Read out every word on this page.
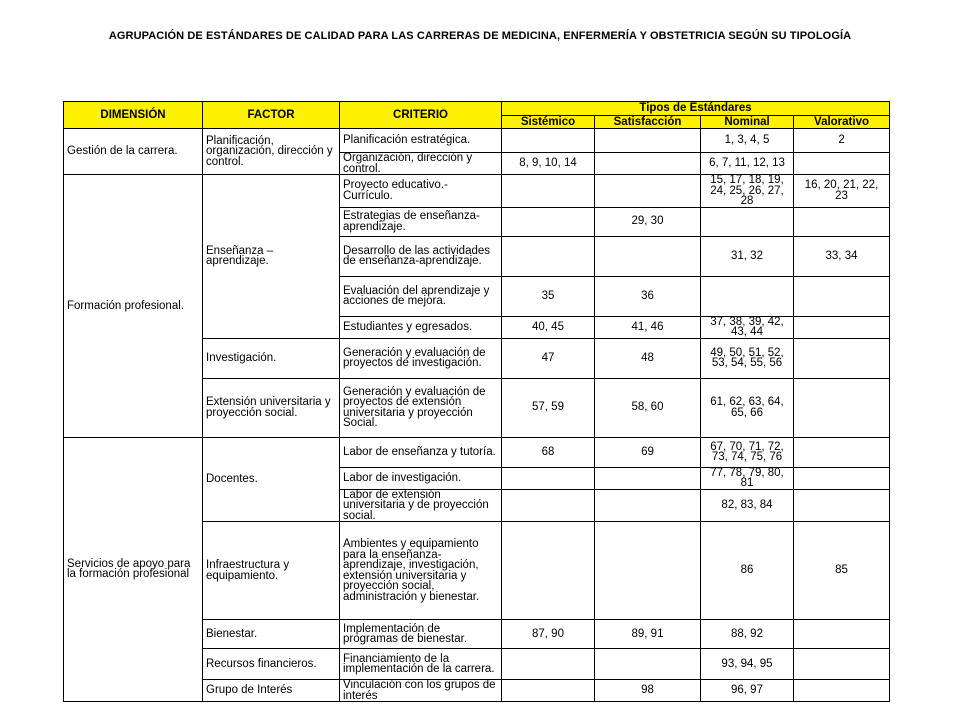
AGRUPACIÓN DE ESTÁNDARES DE CALIDAD PARA LAS CARRERAS DE MEDICINA, ENFERMERÍA Y OBSTETRICIA SEGÚN SU TIPOLOGÍA
DIMENSIÓN	FACTOR	CRITERIO	Tipos de Estándares			
			Sistémico	Satisfacción	Nominal	Valorativo
Gestión de la carrera.	Planificación, organización, dirección y control.	Planificación estratégica.			1, 3, 4, 5	2
		Organización, dirección y control.	8, 9, 10, 14		6, 7, 11, 12, 13	
Formación profesional.	Enseñanza – aprendizaje.	Proyecto educativo.- Currículo.			15, 17, 18, 19, 24, 25, 26, 27, 28	16, 20, 21, 22, 23
		Estrategias de enseñanza-aprendizaje.		29, 30		
		Desarrollo de las actividades de enseñanza-aprendizaje.			31, 32	33, 34
		Evaluación del aprendizaje y acciones de mejora.	35	36		
		Estudiantes y egresados.	40, 45	41, 46	37, 38, 39, 42, 43, 44	
	Investigación.	Generación y evaluación de proyectos de investigación.	47	48	49, 50, 51, 52, 53, 54, 55, 56	
	Extensión universitaria y proyección social.	Generación y evaluación de proyectos de extensión universitaria y proyección Social.	57, 59	58, 60	61, 62, 63, 64, 65, 66	
Servicios de apoyo para la formación profesional	Docentes.	Labor de enseñanza y tutoría.	68	69	67, 70, 71, 72, 73, 74, 75, 76	
		Labor de investigación.			77, 78, 79, 80, 81	
		Labor de extensión universitaria y de proyección social.			82, 83, 84	
	Infraestructura y equipamiento.	Ambientes y equipamiento para la enseñanza-aprendizaje, investigación, extensión universitaria y proyección social, administración y bienestar.			86	85
	Bienestar.	Implementación de programas de bienestar.	87, 90	89, 91	88, 92	
	Recursos financieros.	Financiamiento de la implementación de la carrera.			93, 94, 95	
	Grupo de Interés	Vinculación con los grupos de interés		98	96, 97	
